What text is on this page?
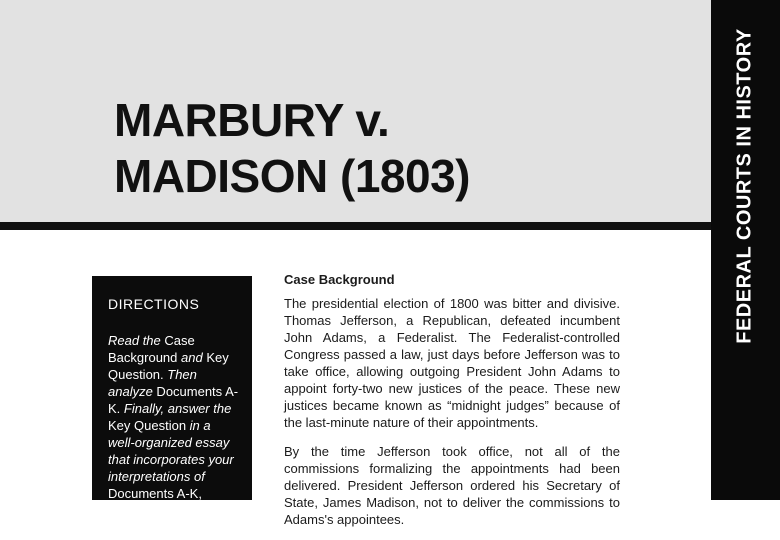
FEDERAL COURTS IN HISTORY
MARBURY v.
MADISON (1803)
DIRECTIONS

Read the Case Background and Key Question. Then analyze Documents A-K. Finally, answer the Key Question in a well-organized essay that incorporates your interpretations of Documents A-K,

Case Background

The presidential election of 1800 was bitter and divisive. Thomas Jefferson, a Republican, defeated incumbent John Adams, a Federalist. The Federalist-controlled Congress passed a law, just days before Jefferson was to take office, allowing outgoing President John Adams to appoint forty-two new justices of the peace. These new justices became known as “midnight judges” because of the last-minute nature of their appointments.

By the time Jefferson took office, not all of the commissions formalizing the appointments had been delivered. President Jefferson ordered his Secretary of State, James Madison, not to deliver the commissions to Adams's appointees.
